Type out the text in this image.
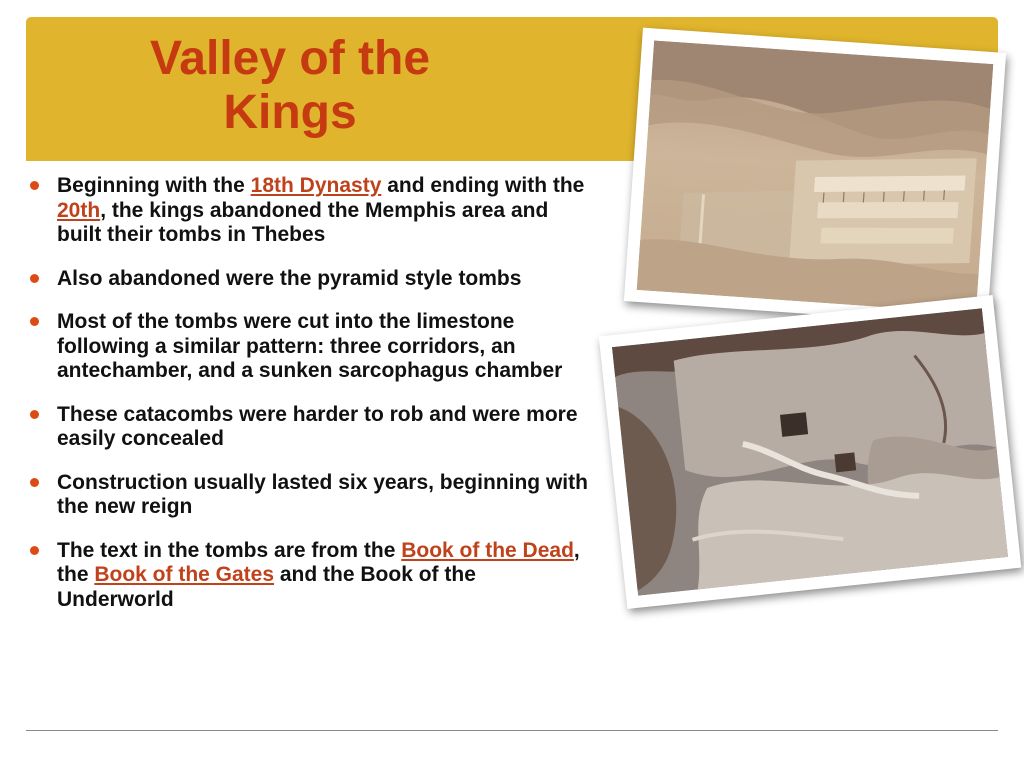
Valley of the
Kings
Beginning with the 18th Dynasty and ending with the 20th, the kings abandoned the Memphis area and built their tombs in Thebes
Also abandoned were the pyramid style tombs
Most of the tombs were cut into the limestone following a similar pattern: three corridors, an antechamber, and a sunken sarcophagus chamber
These catacombs were harder to rob and were more easily concealed
Construction usually lasted six years, beginning with the new reign
The text in the tombs are from the Book of the Dead, the Book of the Gates and the Book of the Underworld
